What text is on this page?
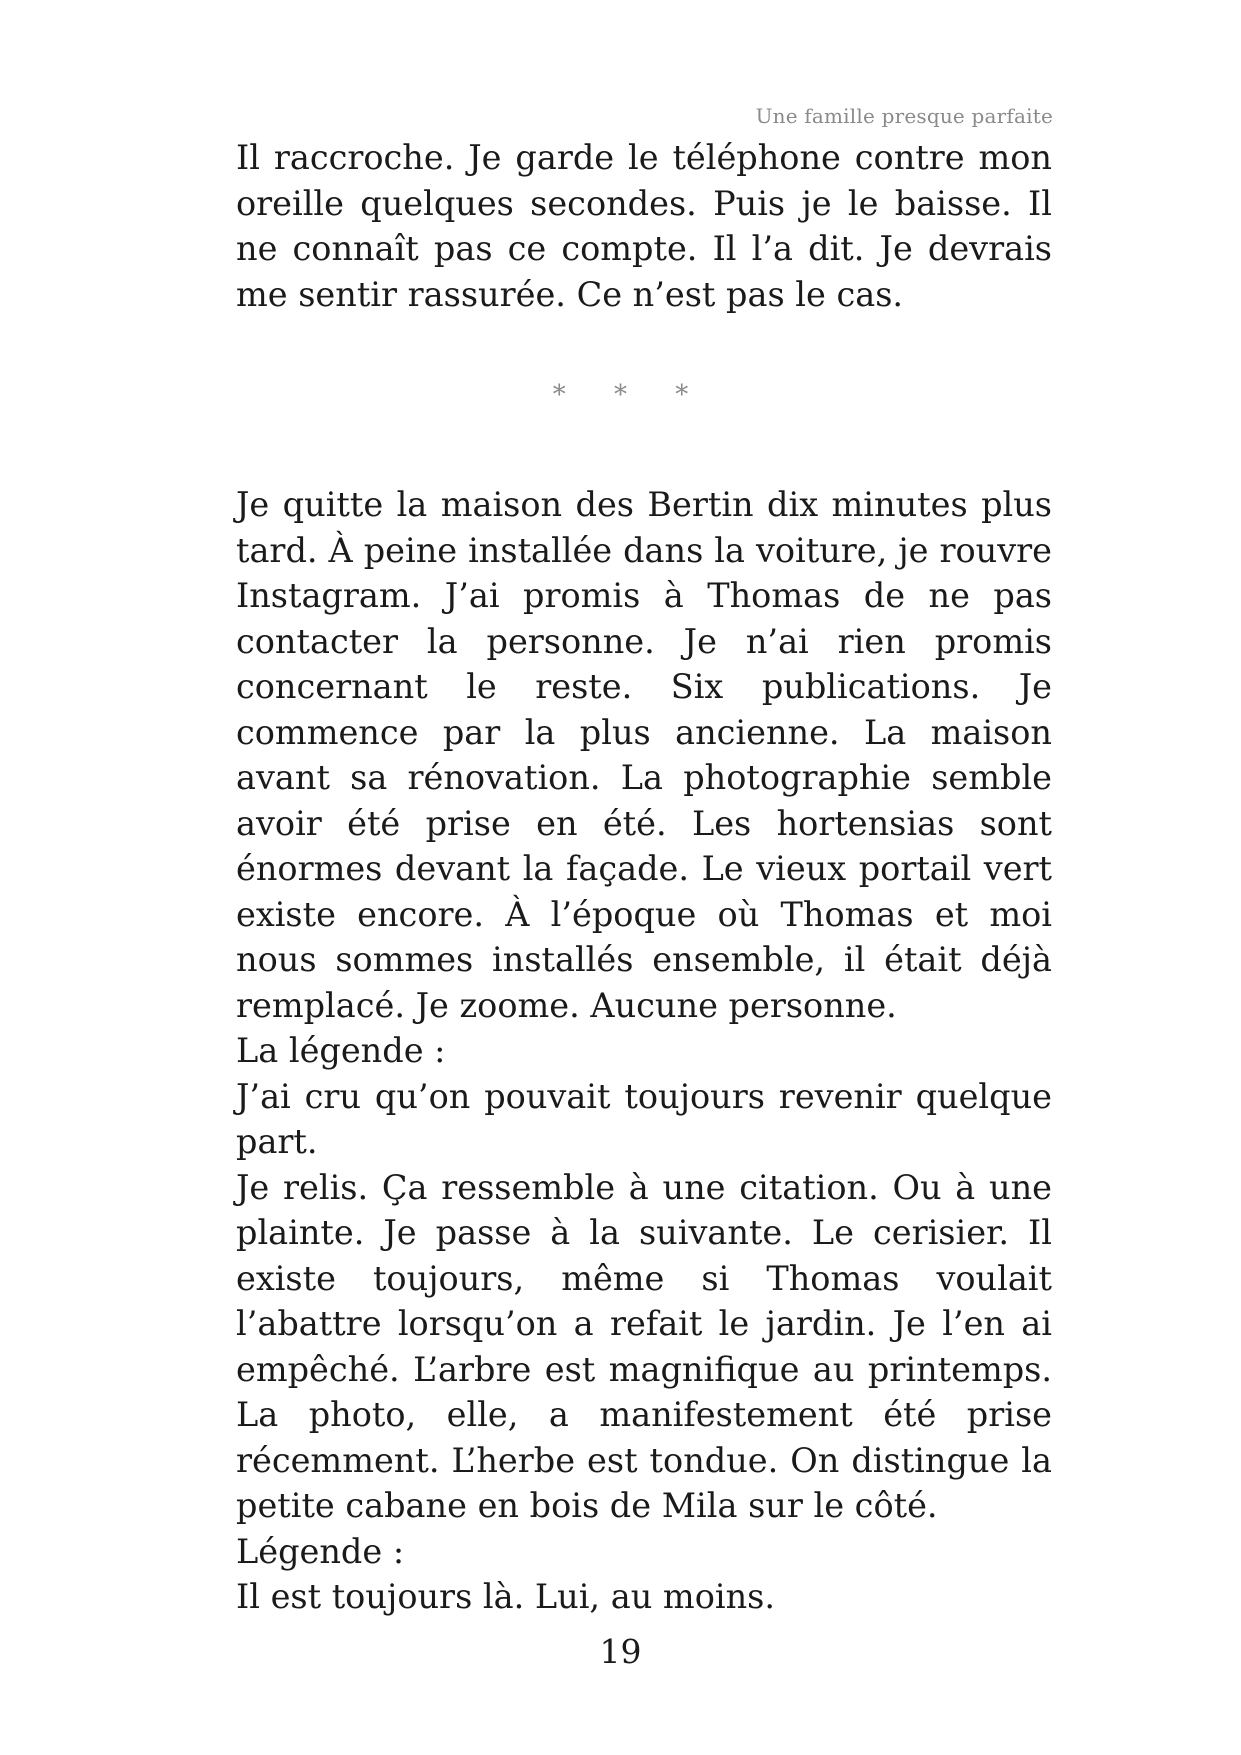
Une famille presque parfaite

Il raccroche. Je garde le téléphone contre mon oreille quelques secondes. Puis je le baisse. Il ne connaît pas ce compte. Il l’a dit. Je devrais me sentir rassurée. Ce n’est pas le cas.

* * *

Je quitte la maison des Bertin dix minutes plus tard. À peine installée dans la voiture, je rouvre Instagram. J’ai promis à Thomas de ne pas contacter la personne. Je n’ai rien promis concernant le reste. Six publications. Je commence par la plus ancienne. La maison avant sa rénovation. La photographie semble avoir été prise en été. Les hortensias sont énormes devant la façade. Le vieux portail vert existe encore. À l’époque où Thomas et moi nous sommes installés ensemble, il était déjà remplacé. Je zoome. Aucune personne.

La légende :

J’ai cru qu’on pouvait toujours revenir quelque part.

Je relis. Ça ressemble à une citation. Ou à une plainte. Je passe à la suivante. Le cerisier. Il existe toujours, même si Thomas voulait l’abattre lorsqu’on a refait le jardin. Je l’en ai empêché. L’arbre est magnifique au printemps. La photo, elle, a manifestement été prise récemment. L’herbe est tondue. On distingue la petite cabane en bois de Mila sur le côté.

Légende :

Il est toujours là. Lui, au moins.

19
